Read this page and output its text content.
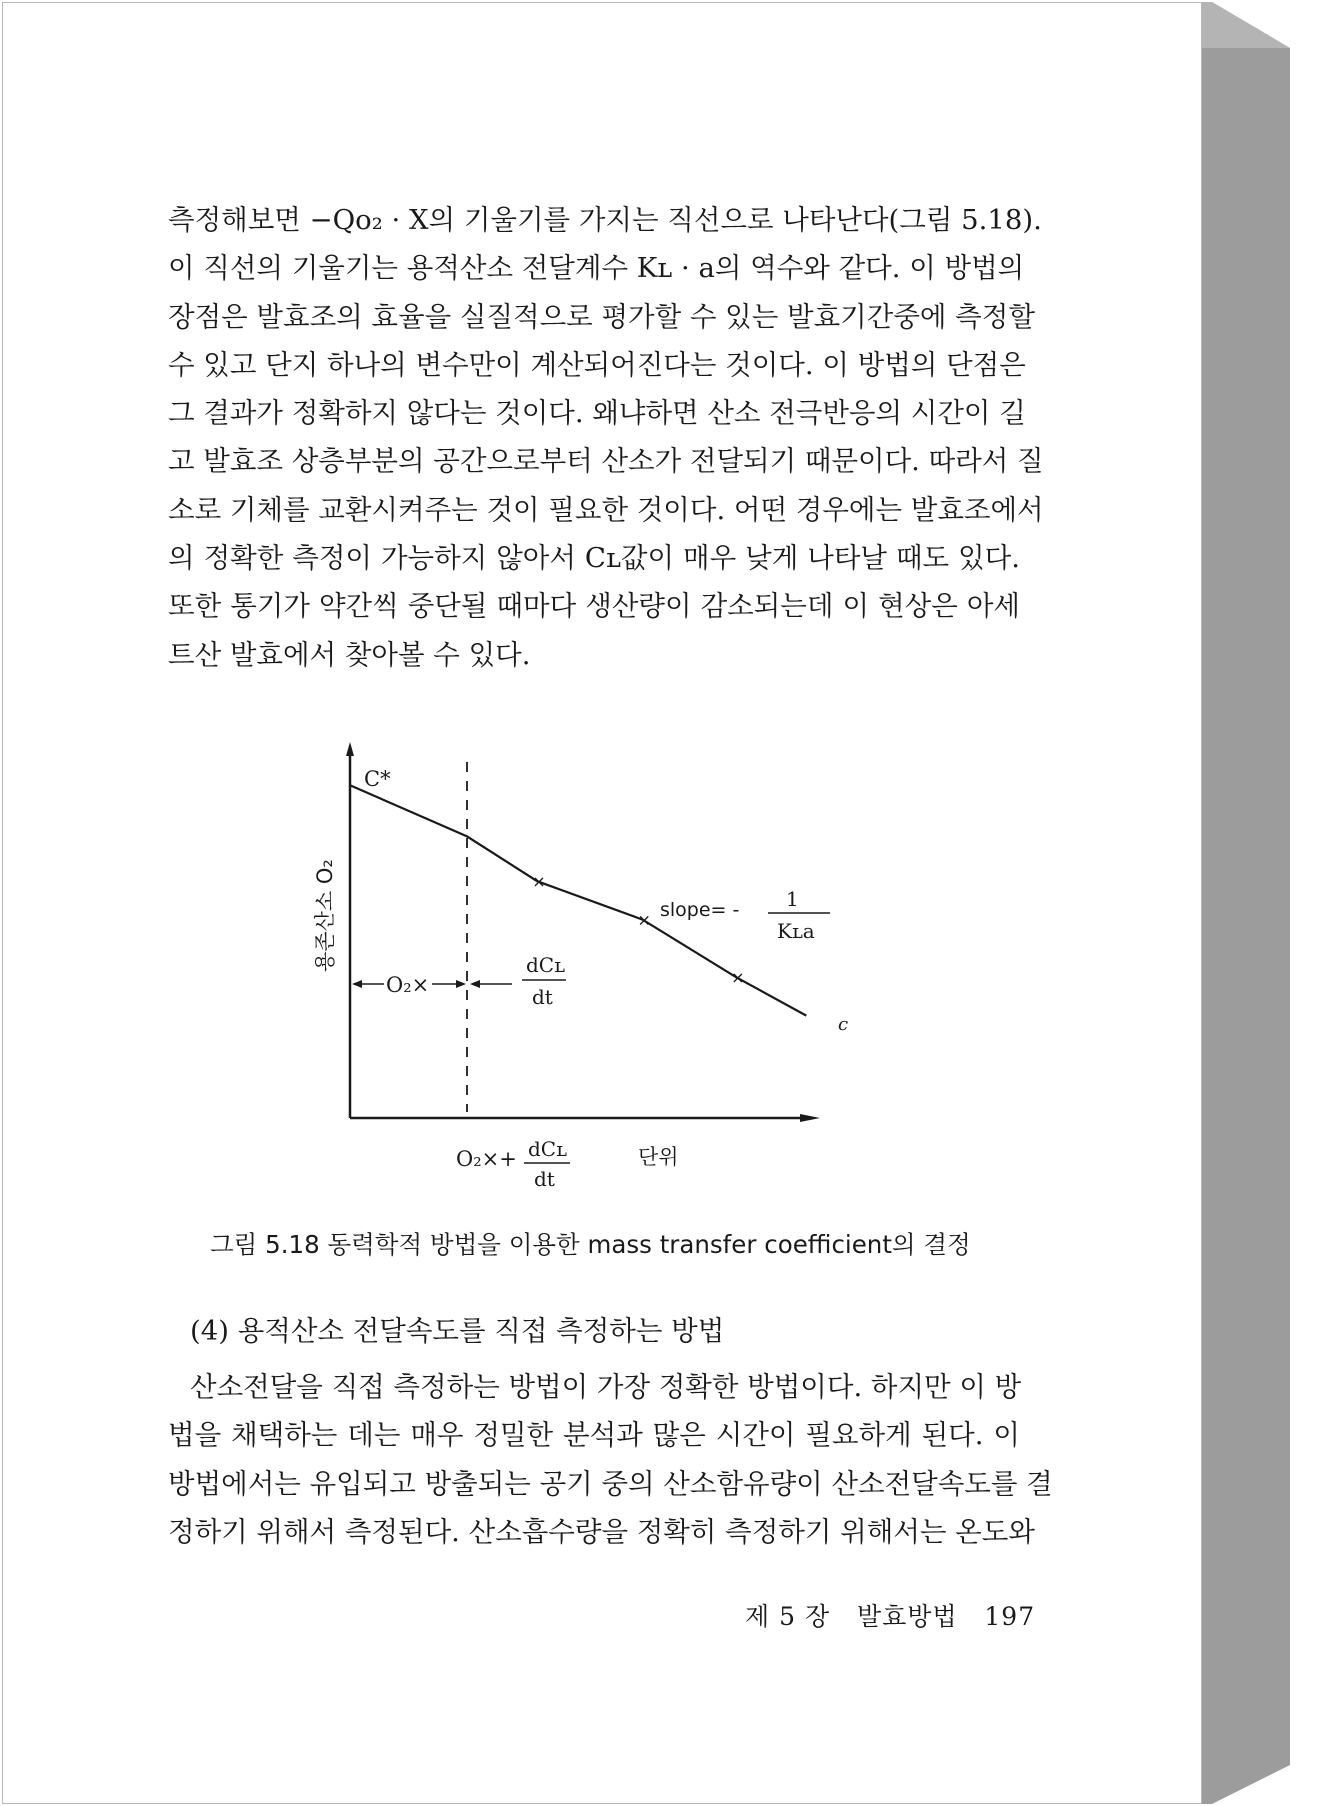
측정해보면 −Qo₂ · X의 기울기를 가지는 직선으로 나타난다(그림 5.18).
이 직선의 기울기는 용적산소 전달계수 Kʟ · a의 역수와 같다. 이 방법의
장점은 발효조의 효율을 실질적으로 평가할 수 있는 발효기간중에 측정할
수 있고 단지 하나의 변수만이 계산되어진다는 것이다. 이 방법의 단점은
그 결과가 정확하지 않다는 것이다. 왜냐하면 산소 전극반응의 시간이 길
고 발효조 상층부분의 공간으로부터 산소가 전달되기 때문이다. 따라서 질
소로 기체를 교환시켜주는 것이 필요한 것이다. 어떤 경우에는 발효조에서
의 정확한 측정이 가능하지 않아서 Cʟ값이 매우 낮게 나타날 때도 있다.
또한 통기가 약간씩 중단될 때마다 생산량이 감소되는데 이 현상은 아세
트산 발효에서 찾아볼 수 있다.

×
×
×
C*
c
slope= - 1
Kʟa
O₂×
dCʟ
dt
용존산소 O₂
O₂×+ dCʟ
dt
단위

그림 5.18 동력학적 방법을 이용한 mass transfer coefficient의 결정

(4) 용적산소 전달속도를 직접 측정하는 방법

산소전달을 직접 측정하는 방법이 가장 정확한 방법이다. 하지만 이 방
법을 채택하는 데는 매우 정밀한 분석과 많은 시간이 필요하게 된다. 이
방법에서는 유입되고 방출되는 공기 중의 산소함유량이 산소전달속도를 결
정하기 위해서 측정된다. 산소흡수량을 정확히 측정하기 위해서는 온도와

제 5 장 발효방법 197
